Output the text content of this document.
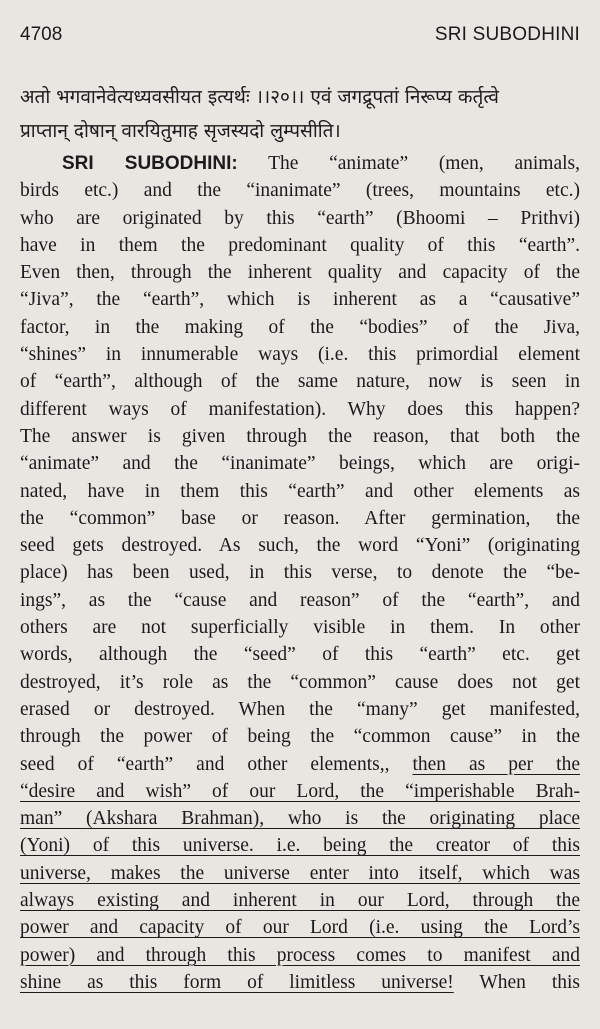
4708	SRI SUBODHINI
अतो भगवानेवेत्यध्यवसीयत इत्यर्थः ।।२०।। एवं जगद्रूपतां निरूप्य कर्तृत्वे
प्राप्तान् दोषान् वारयितुमाह सृजस्यदो लुम्पसीति।
SRI SUBODHINI: The “animate” (men, animals,
birds etc.) and the “inanimate” (trees, mountains etc.)
who are originated by this “earth” (Bhoomi – Prithvi)
have in them the predominant quality of this “earth”.
Even then, through the inherent quality and capacity of the
“Jiva”, the “earth”, which is inherent as a “causative”
factor, in the making of the “bodies” of the Jiva,
“shines” in innumerable ways (i.e. this primordial element
of “earth”, although of the same nature, now is seen in
different ways of manifestation). Why does this happen?
The answer is given through the reason, that both the
“animate” and the “inanimate” beings, which are origi-
nated, have in them this “earth” and other elements as
the “common” base or reason. After germination, the
seed gets destroyed. As such, the word “Yoni” (originating
place) has been used, in this verse, to denote the “be-
ings”, as the “cause and reason” of the “earth”, and
others are not superficially visible in them. In other
words, although the “seed” of this “earth” etc. get
destroyed, it’s role as the “common” cause does not get
erased or destroyed. When the “many” get manifested,
through the power of being the “common cause” in the
seed of “earth” and other elements,, then as per the
“desire and wish” of our Lord, the “imperishable Brah-
man” (Akshara Brahman), who is the originating place
(Yoni) of this universe. i.e. being the creator of this
universe, makes the universe enter into itself, which was
always existing and inherent in our Lord, through the
power and capacity of our Lord (i.e. using the Lord’s
power) and through this process comes to manifest and
shine as this form of limitless universe! When this
